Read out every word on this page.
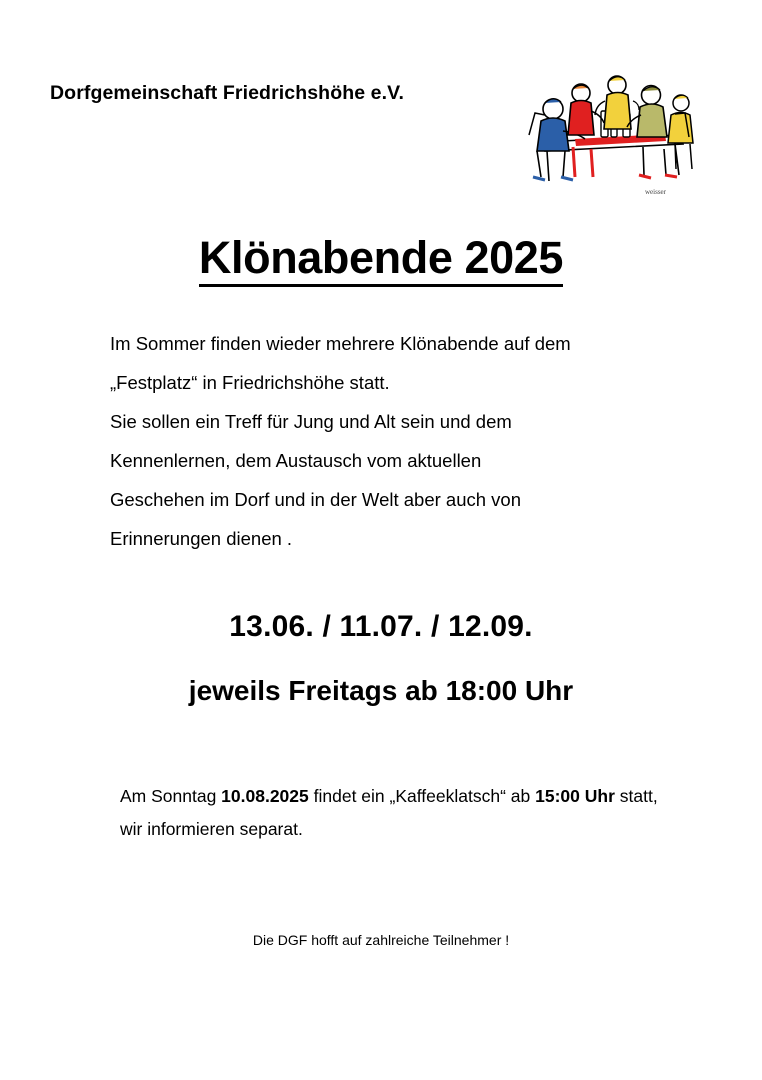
Dorfgemeinschaft Friedrichshöhe e.V.
weisser
Klönabende 2025

Im Sommer finden wieder mehrere Klönabende auf dem

„Festplatz“ in Friedrichshöhe statt.

Sie sollen ein Treff für Jung und Alt sein und dem

Kennenlernen, dem Austausch vom aktuellen

Geschehen im Dorf und in der Welt aber auch von

Erinnerungen dienen .

13.06. / 11.07. / 12.09.
jeweils Freitags ab 18:00 Uhr
Am Sonntag 10.08.2025 findet ein „Kaffeeklatsch“ ab 15:00 Uhr statt, wir informieren separat.
Die DGF hofft auf zahlreiche Teilnehmer !
